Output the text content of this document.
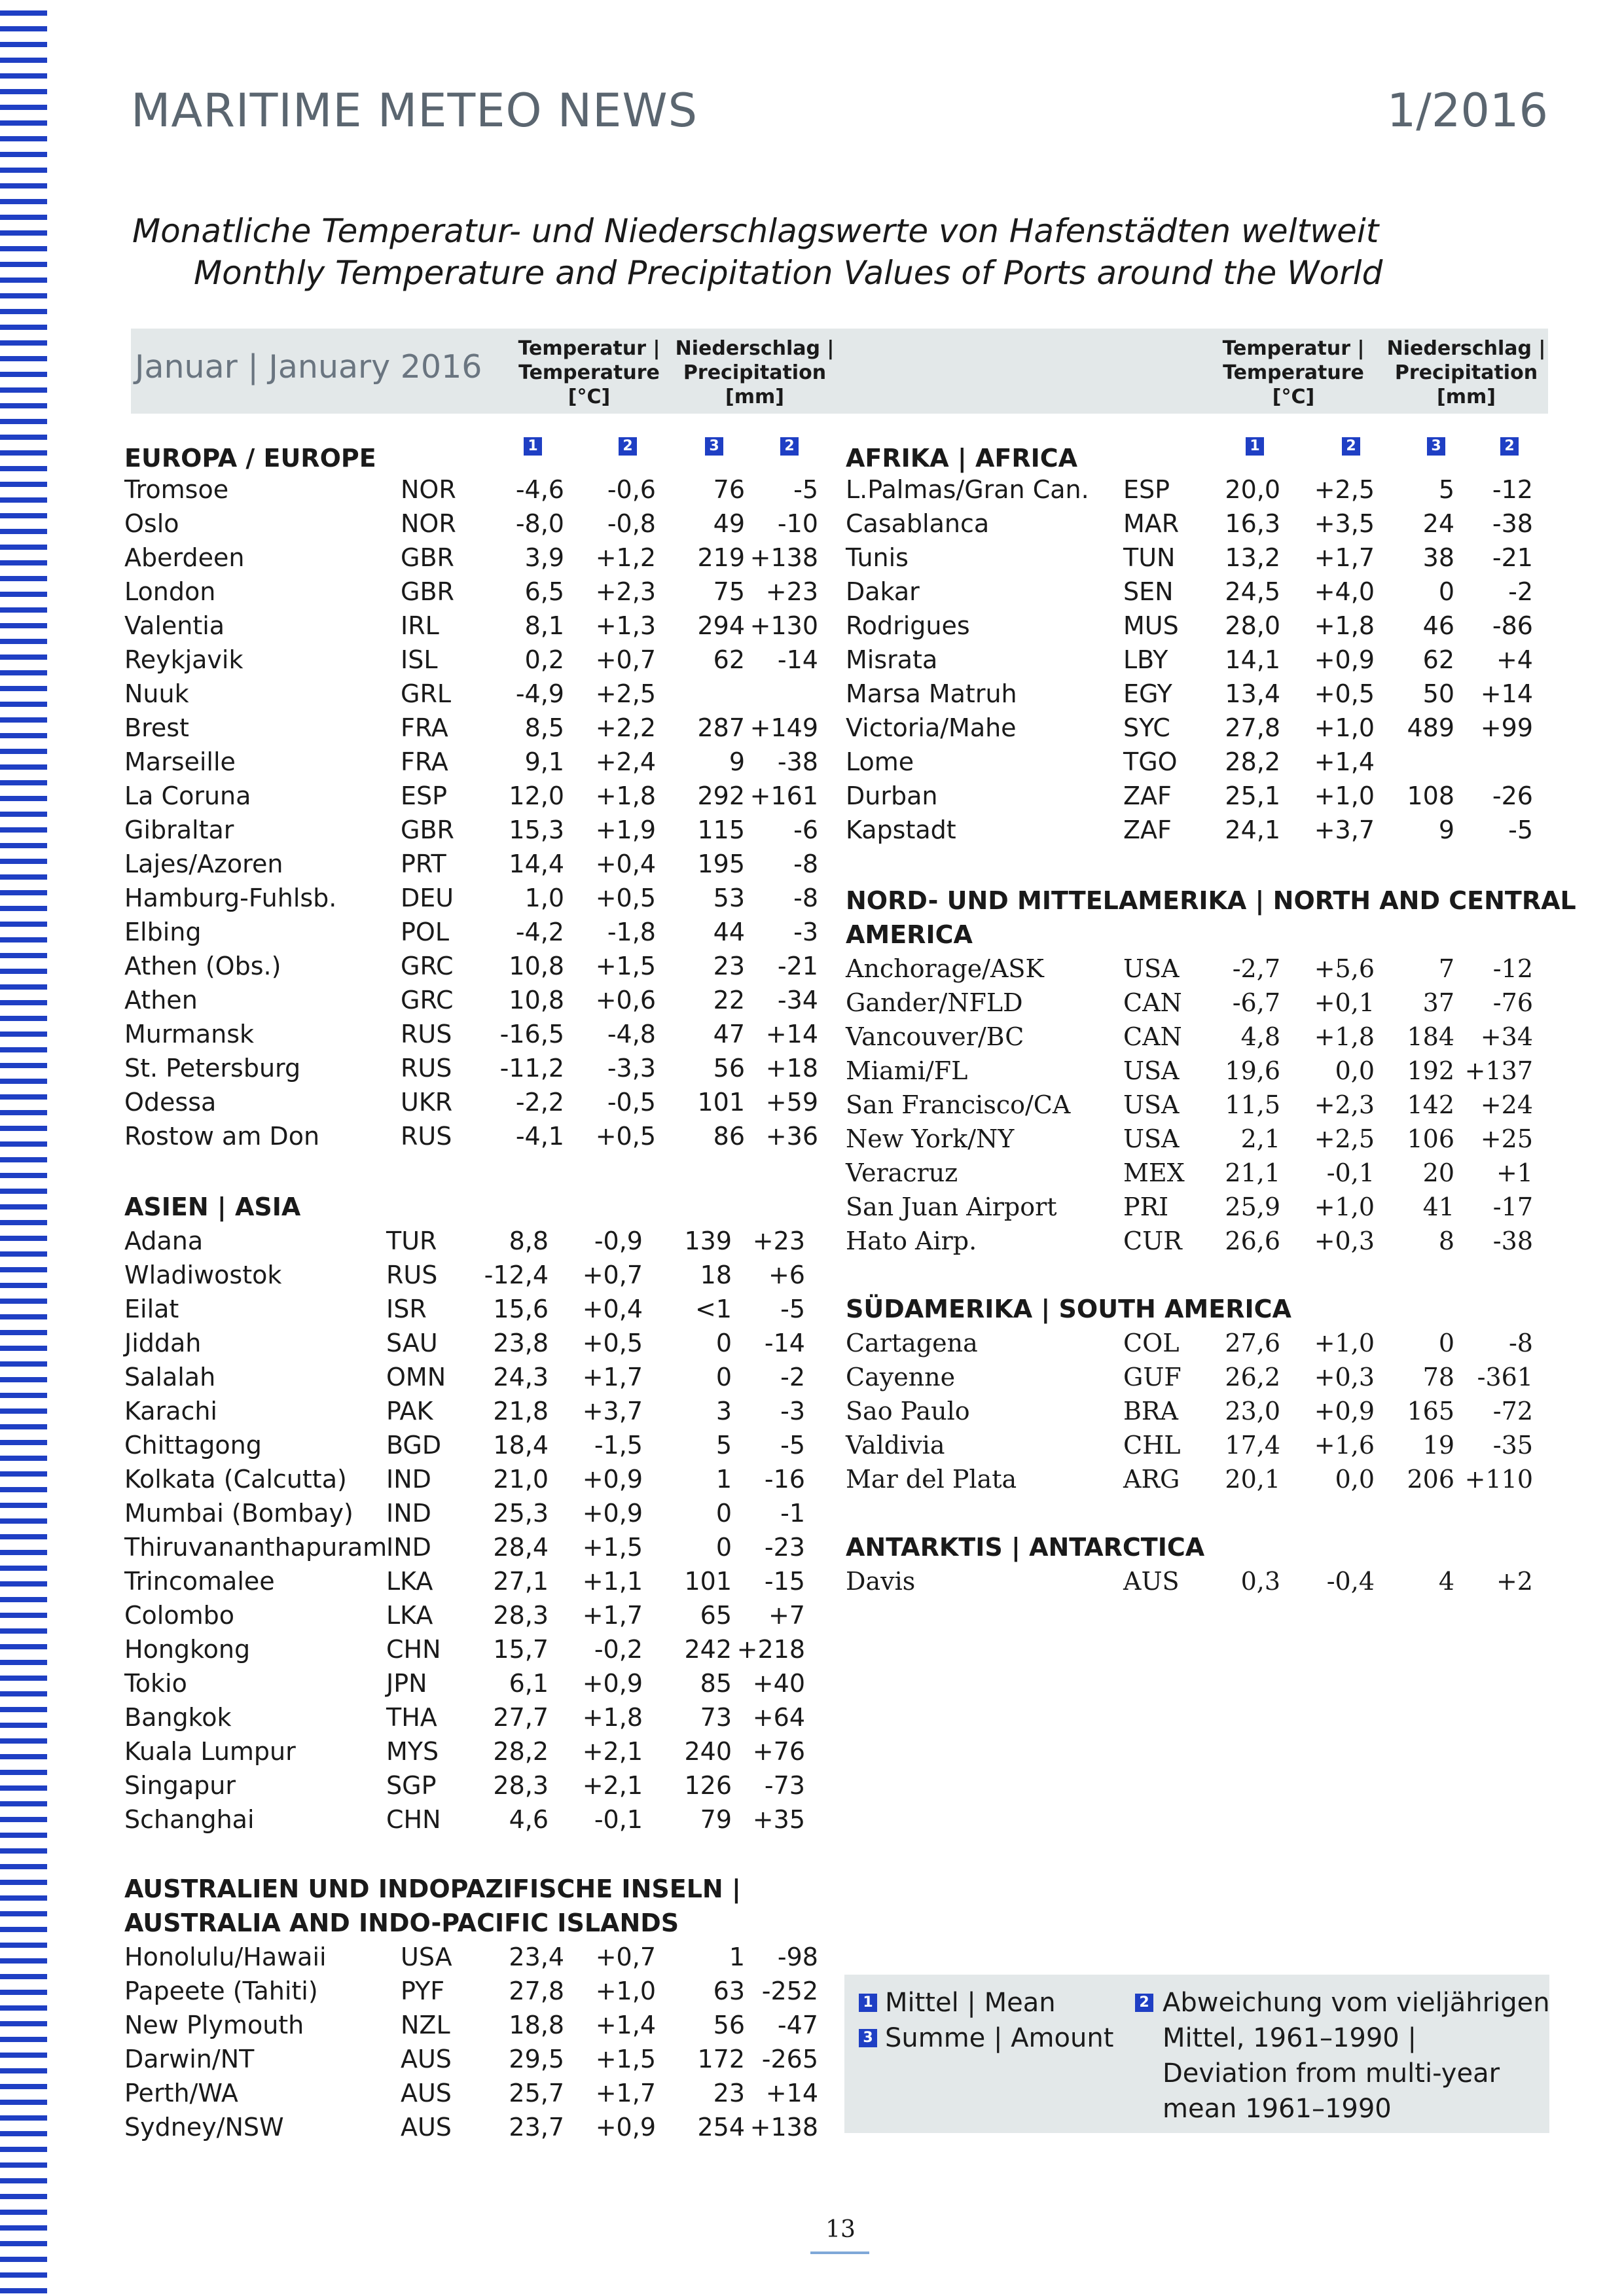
MARITIME METEO NEWS	1/2016
Monatliche Temperatur- und Niederschlagswerte von Hafenstädten weltweit
Monthly Temperature and Precipitation Values of Ports around the World
Januar | January 2016	Temperatur |
Temperature
[°C]
Niederschlag |
Precipitation
[mm]
Temperatur |
Temperature
[°C]
Niederschlag |
Precipitation
[mm]
1	2	3	2	1	2	3	2
EUROPA / EUROPE
ASIEN | ASIA
AUSTRALIEN UND INDOPAZIFISCHE INSELN |
AUSTRALIA AND INDO-PACIFIC ISLANDS
AFRIKA | AFRICA
NORD- UND MITTELAMERIKA | NORTH AND CENTRAL
AMERICA
SÜDAMERIKA | SOUTH AMERICA
ANTARKTIS | ANTARCTICA
Tromsoe	NOR	-4,6	-0,6	76	-5
Oslo	NOR	-8,0	-0,8	49	-10
Aberdeen	GBR	3,9	+1,2	219 +138
London	GBR	6,5	+2,3	75 +23
Valentia	IRL	8,1	+1,3	294 +130
Reykjavik	ISL	0,2	+0,7	62	-14
Nuuk	GRL	-4,9	+2,5
Brest	FRA	8,5	+2,2	287 +149
Marseille	FRA	9,1	+2,4	9	-38
La Coruna	ESP	12,0	+1,8	292 +161
Gibraltar	GBR	15,3	+1,9	115	-6
Lajes/Azoren	PRT	14,4	+0,4	195	-8
Hamburg-Fuhlsb.	DEU	1,0	+0,5	53	-8
Elbing	POL	-4,2	-1,8	44	-3
Athen (Obs.)	GRC	10,8	+1,5	23	-21
Athen	GRC	10,8	+0,6	22	-34
Murmansk	RUS	-16,5	-4,8	47 +14
St. Petersburg	RUS	-11,2	-3,3	56 +18
Odessa	UKR	-2,2	-0,5	101 +59
Rostow am Don	RUS	-4,1	+0,5	86 +36
Adana	TUR	8,8	-0,9	139 +23
Wladiwostok	RUS	-12,4	+0,7	18	+6
Eilat	ISR	15,6	+0,4	<1	-5
Jiddah	SAU	23,8	+0,5	0	-14
Salalah	OMN	24,3	+1,7	0	-2
Karachi	PAK	21,8	+3,7	3	-3
Chittagong	BGD	18,4	-1,5	5	-5
Kolkata (Calcutta) IND	21,0	+0,9	1	-16
Mumbai (Bombay) IND	25,3	+0,9	0	-1
Thiruvananthapuram
IND	28,4	+1,5	0	-23
Trincomalee	LKA	27,1	+1,1	101	-15
Colombo	LKA	28,3	+1,7	65	+7
Hongkong	CHN	15,7	-0,2	242 +218
Tokio	JPN	6,1	+0,9	85 +40
Bangkok	THA	27,7	+1,8	73 +64
Kuala Lumpur	MYS	28,2	+2,1	240 +76
Singapur	SGP	28,3	+2,1	126	-73
Schanghai	CHN	4,6	-0,1	79 +35
Honolulu/Hawaii	USA	23,4	+0,7	1	-98
Papeete (Tahiti)	PYF	27,8	+1,0	63 -252
New Plymouth	NZL	18,8	+1,4	56	-47
Darwin/NT	AUS	29,5	+1,5	172 -265
Perth/WA	AUS	25,7	+1,7	23 +14
Sydney/NSW	AUS	23,7	+0,9	254 +138
L.Palmas/Gran Can. ESP	20,0	+2,5	5	-12
Casablanca	MAR	16,3	+3,5	24	-38
Tunis	TUN	13,2	+1,7	38	-21
Dakar	SEN	24,5	+4,0	0	-2
Rodrigues	MUS	28,0	+1,8	46	-86
Misrata	LBY	14,1	+0,9	62	+4
Marsa Matruh	EGY	13,4	+0,5	50	+14
Victoria/Mahe	SYC	27,8	+1,0	489	+99
Lome	TGO	28,2	+1,4
Durban	ZAF	25,1	+1,0	108	-26
Kapstadt	ZAF	24,1	+3,7	9	-5
Anchorage/ASK	USA	-2,7	+5,6	7	-12
Gander/NFLD	CAN	-6,7	+0,1	37	-76
Vancouver/BC	CAN	4,8	+1,8	184	+34
Miami/FL	USA	19,6	0,0	192 +137
San Francisco/CA USA	11,5	+2,3	142	+24
New York/NY	USA	2,1	+2,5	106	+25
Veracruz	MEX	21,1	-0,1	20	+1
San Juan Airport	PRI	25,9	+1,0	41	-17
Hato Airp.	CUR	26,6	+0,3	8	-38
Cartagena	COL	27,6	+1,0	0	-8
Cayenne	GUF	26,2	+0,3	78 -361
Sao Paulo	BRA	23,0	+0,9	165	-72
Valdivia	CHL	17,4	+1,6	19	-35
Mar del Plata	ARG	20,1	0,0	206 +110
Davis	AUS	0,3	-0,4	4	+2
1 Mittel | Mean
3 Summe | Amount
2 Abweichung vom vieljährigen
Mittel, 1961–1990 |
Deviation from multi-year
mean 1961–1990
13
